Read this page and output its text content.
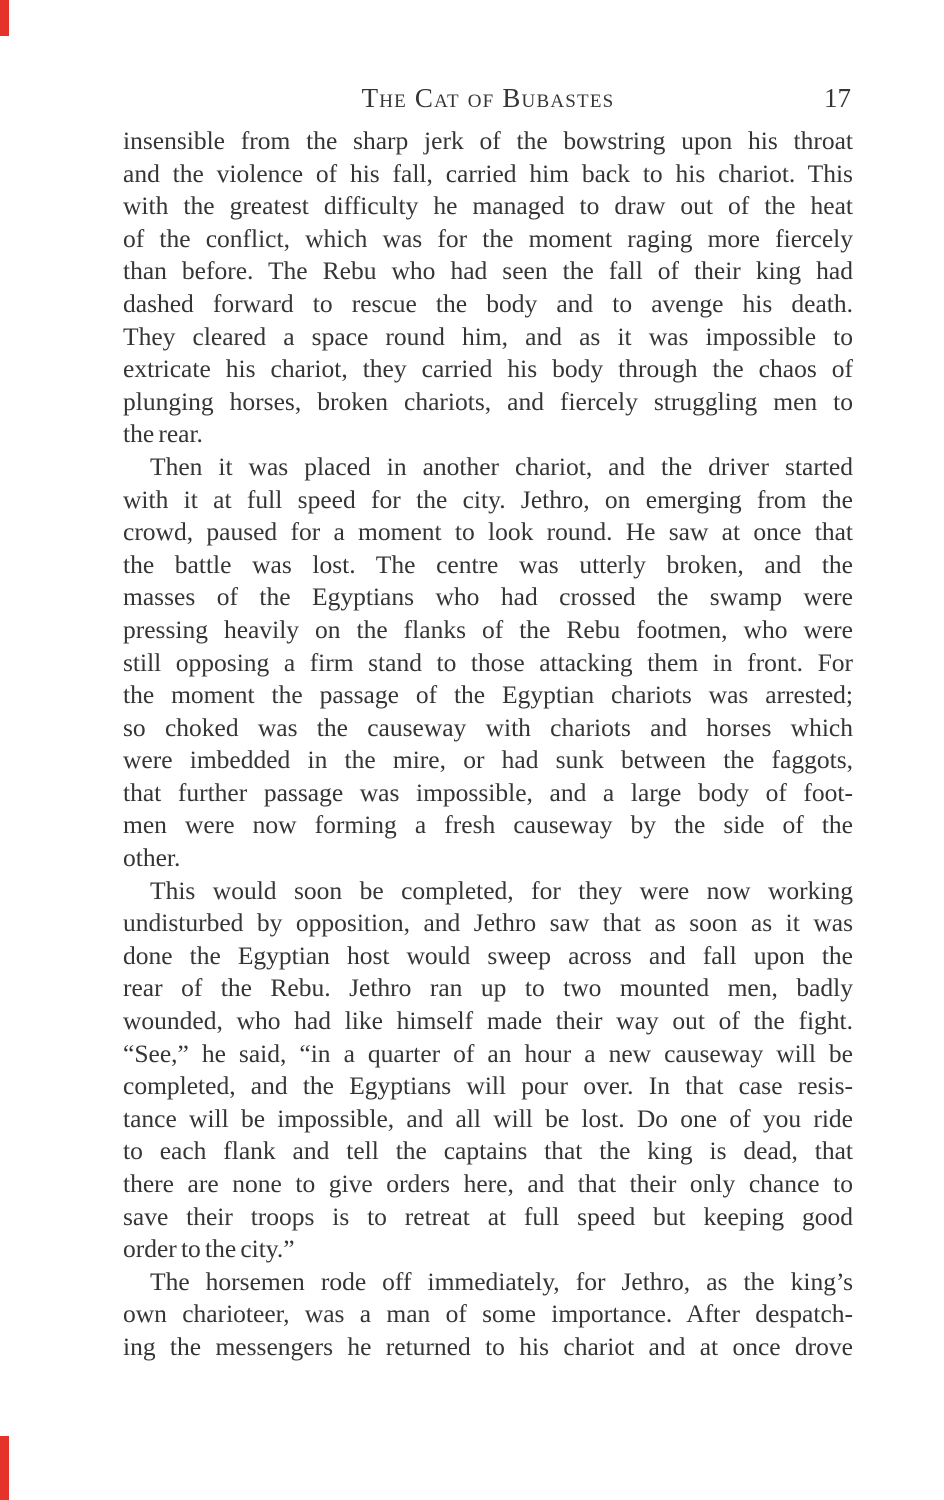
The Cat of Bubastes	17
insensible from the sharp jerk of the bowstring upon his throat
and the violence of his fall, carried him back to his chariot. This
with the greatest difficulty he managed to draw out of the heat
of the conflict, which was for the moment raging more fiercely
than before. The Rebu who had seen the fall of their king had
dashed forward to rescue the body and to avenge his death.
They cleared a space round him, and as it was impossible to
extricate his chariot, they carried his body through the chaos of
plunging horses, broken chariots, and fiercely struggling men to
the rear.
Then it was placed in another chariot, and the driver started
with it at full speed for the city. Jethro, on emerging from the
crowd, paused for a moment to look round. He saw at once that
the battle was lost. The centre was utterly broken, and the
masses of the Egyptians who had crossed the swamp were
pressing heavily on the flanks of the Rebu footmen, who were
still opposing a firm stand to those attacking them in front. For
the moment the passage of the Egyptian chariots was arrested;
so choked was the causeway with chariots and horses which
were imbedded in the mire, or had sunk between the faggots,
that further passage was impossible, and a large body of foot-
men were now forming a fresh causeway by the side of the
other.
This would soon be completed, for they were now working
undisturbed by opposition, and Jethro saw that as soon as it was
done the Egyptian host would sweep across and fall upon the
rear of the Rebu. Jethro ran up to two mounted men, badly
wounded, who had like himself made their way out of the fight.
“See,” he said, “in a quarter of an hour a new causeway will be
completed, and the Egyptians will pour over. In that case resis-
tance will be impossible, and all will be lost. Do one of you ride
to each flank and tell the captains that the king is dead, that
there are none to give orders here, and that their only chance to
save their troops is to retreat at full speed but keeping good
order to the city.”
The horsemen rode off immediately, for Jethro, as the king’s
own charioteer, was a man of some importance. After despatch-
ing the messengers he returned to his chariot and at once drove
